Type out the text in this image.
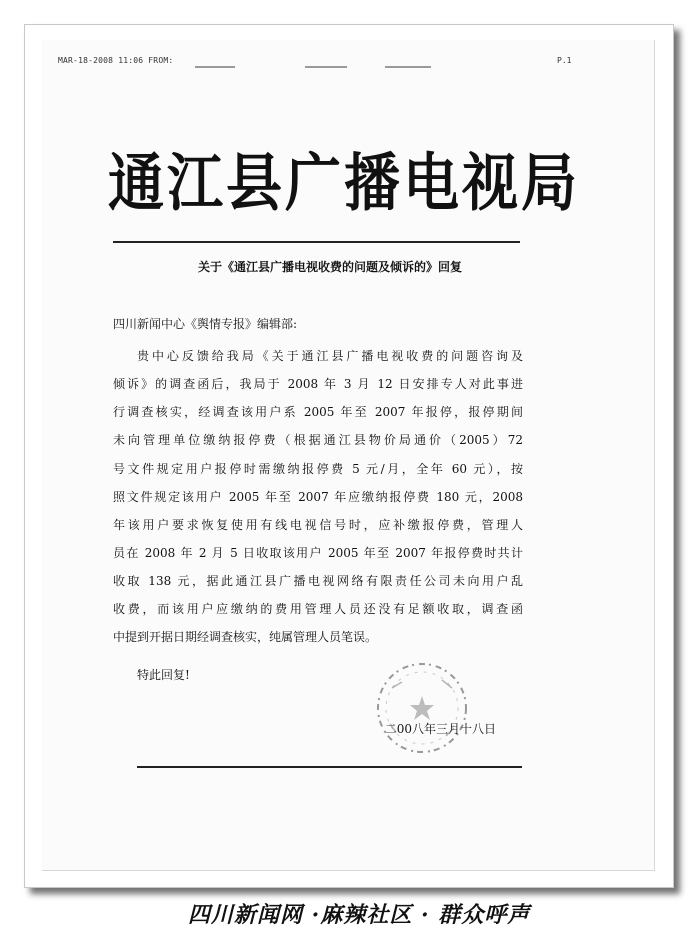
MAR-18-2008 11:06 FROM:	P.1
通江县广播电视局
关于《通江县广播电视收费的问题及倾诉的》回复
四川新闻中心《舆情专报》编辑部:
贵中心反馈给我局《关于通江县广播电视收费的问题咨询及
倾诉》的调查函后，我局于 2008 年 3 月 12 日安排专人对此事进
行调查核实，经调查该用户系 2005 年至 2007 年报停，报停期间
未向管理单位缴纳报停费（根据通江县物价局通价（2005）72
号文件规定用户报停时需缴纳报停费 5 元/月，全年 60 元），按
照文件规定该用户 2005 年至 2007 年应缴纳报停费 180 元，2008
年该用户要求恢复使用有线电视信号时，应补缴报停费，管理人
员在 2008 年 2 月 5 日收取该用户 2005 年至 2007 年报停费时共计
收取 138 元，据此通江县广播电视网络有限责任公司未向用户乱
收费，而该用户应缴纳的费用管理人员还没有足额收取，调查函
中提到开据日期经调查核实，纯属管理人员笔误。
特此回复!
二00八年三月十八日
四川新闻网 ·麻辣社区 · 群众呼声
